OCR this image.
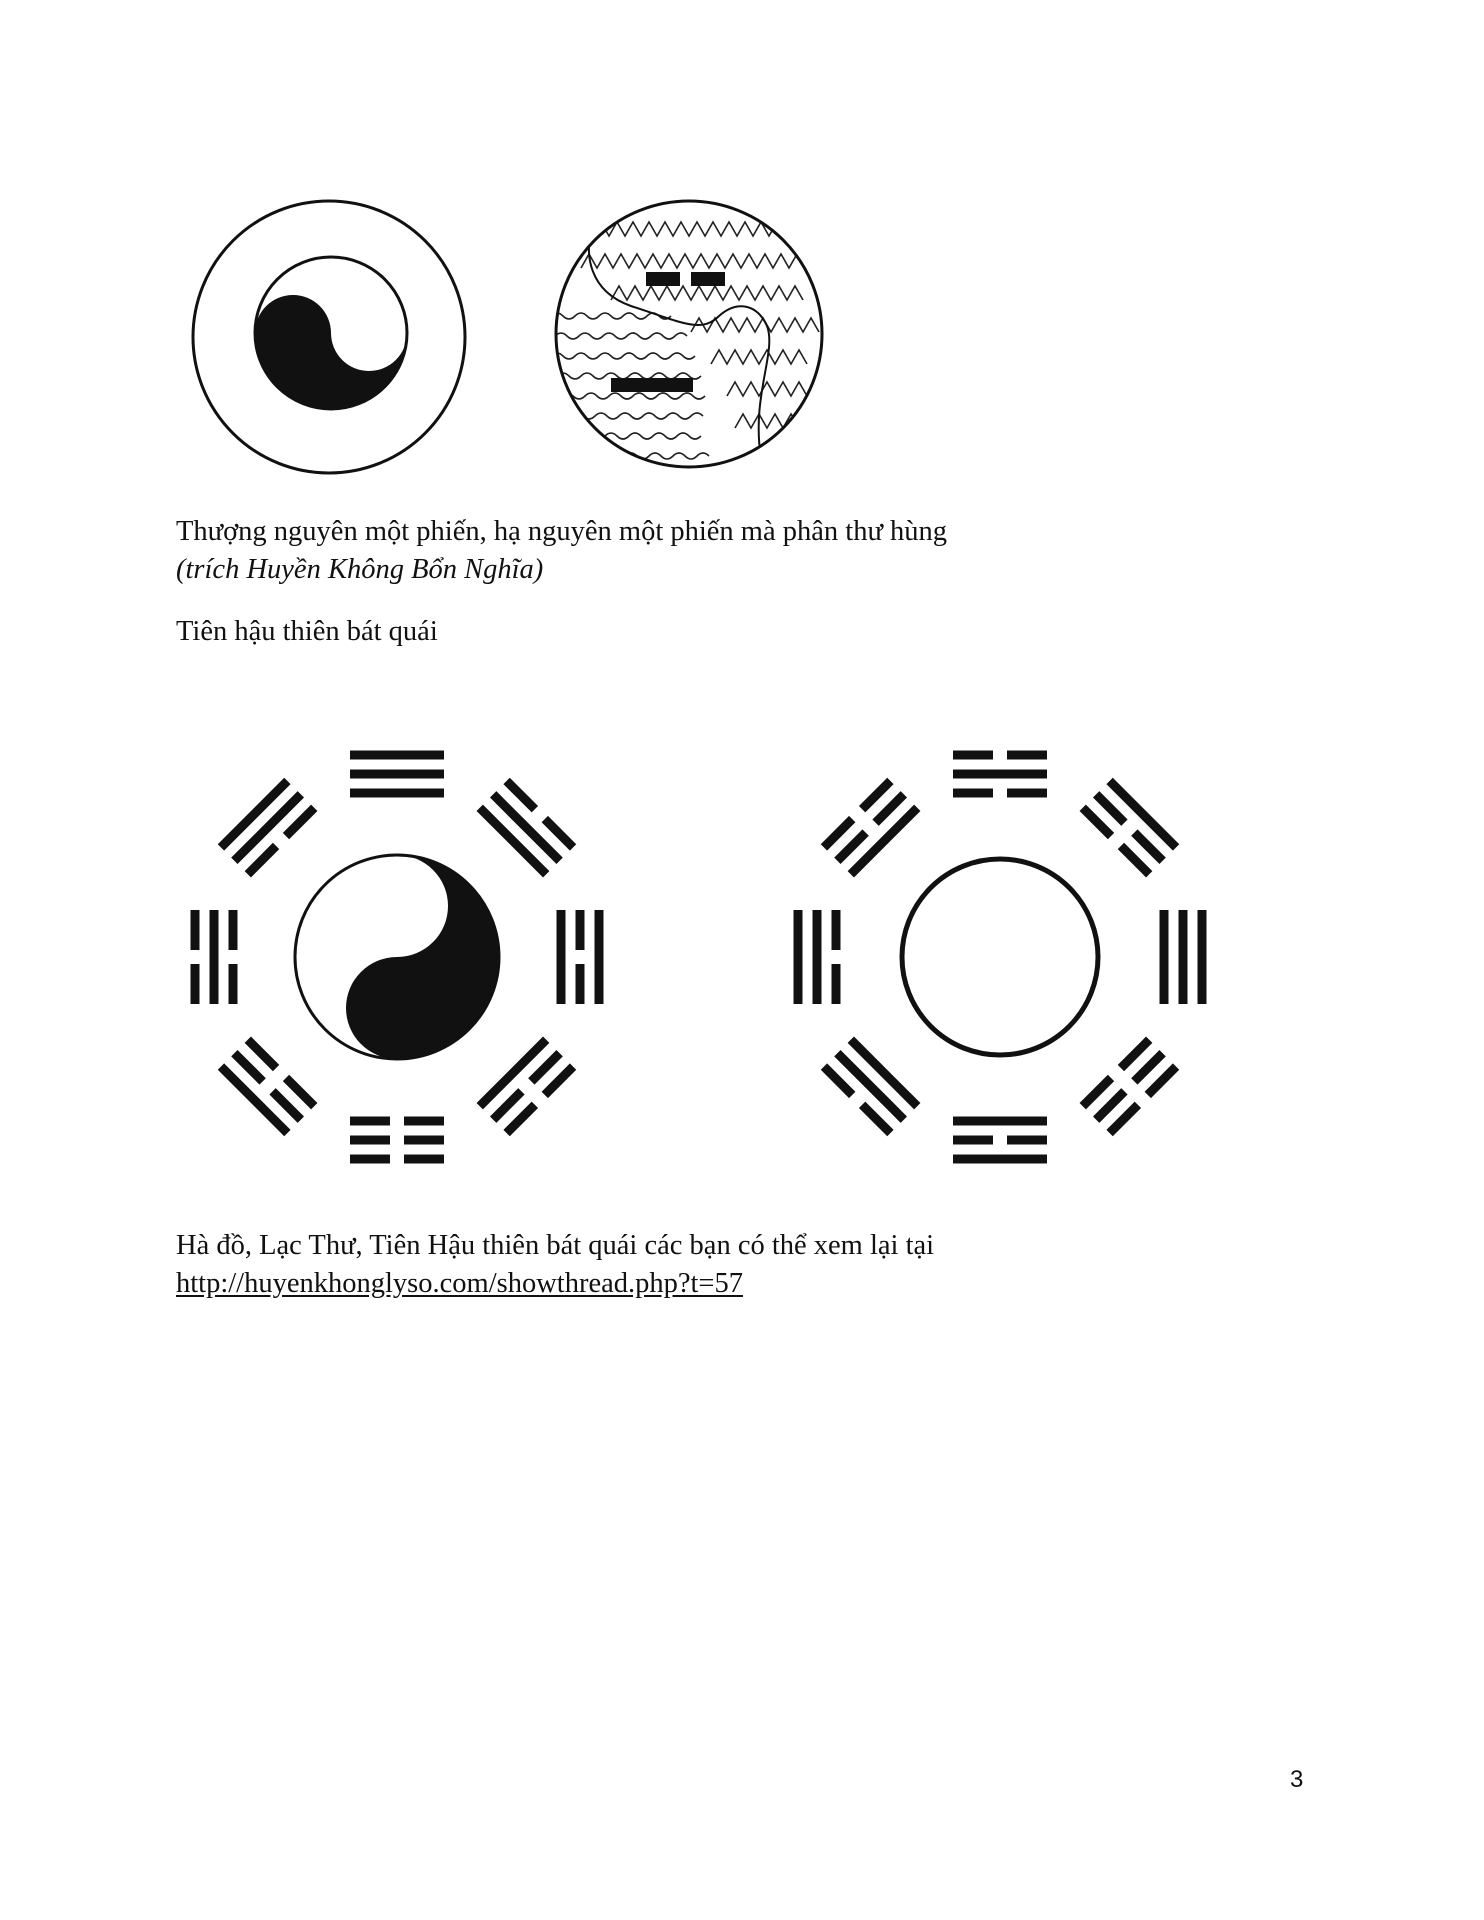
Thượng nguyên một phiến, hạ nguyên một phiến mà phân thư hùng
(trích Huyền Không Bổn Nghĩa)
Tiên hậu thiên bát quái
Hà đồ, Lạc Thư, Tiên Hậu thiên bát quái các bạn có thể xem lại tại
http://huyenkhonglyso.com/showthread.php?t=57
3
